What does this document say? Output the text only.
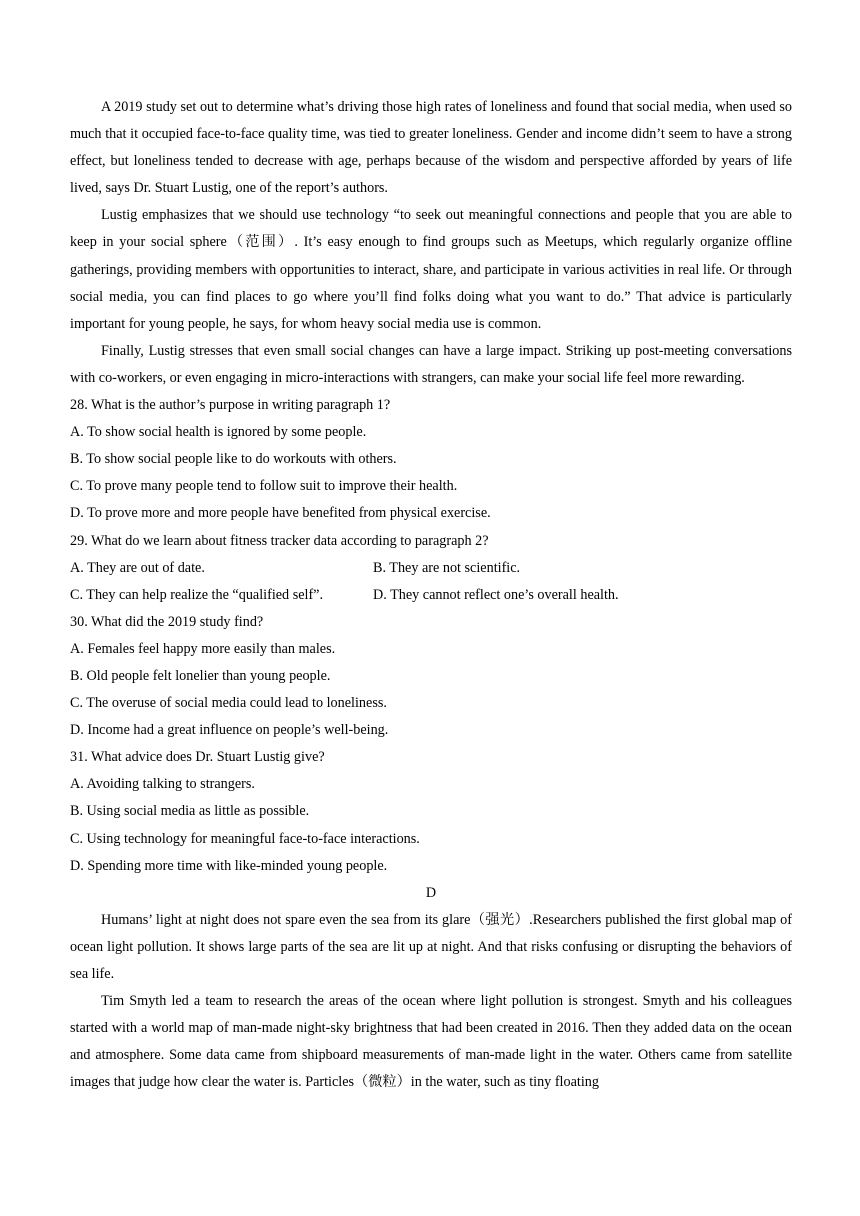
A 2019 study set out to determine what’s driving those high rates of loneliness and found that social media, when used so much that it occupied face-to-face quality time, was tied to greater loneliness. Gender and income didn’t seem to have a strong effect, but loneliness tended to decrease with age, perhaps because of the wisdom and perspective afforded by years of life lived, says Dr. Stuart Lustig, one of the report’s authors.

Lustig emphasizes that we should use technology “to seek out meaningful connections and people that you are able to keep in your social sphere（范围）. It’s easy enough to find groups such as Meetups, which regularly organize offline gatherings, providing members with opportunities to interact, share, and participate in various activities in real life. Or through social media, you can find places to go where you’ll find folks doing what you want to do.” That advice is particularly important for young people, he says, for whom heavy social media use is common.

Finally, Lustig stresses that even small social changes can have a large impact. Striking up post-meeting conversations with co-workers, or even engaging in micro-interactions with strangers, can make your social life feel more rewarding.

28. What is the author’s purpose in writing paragraph 1?

A. To show social health is ignored by some people.

B. To show social people like to do workouts with others.

C. To prove many people tend to follow suit to improve their health.

D. To prove more and more people have benefited from physical exercise.

29. What do we learn about fitness tracker data according to paragraph 2?

A. They are out of date.	B. They are not scientific.
C. They can help realize the “qualified self”.	D. They cannot reflect one’s overall health.

30. What did the 2019 study find?

A. Females feel happy more easily than males.

B. Old people felt lonelier than young people.

C. The overuse of social media could lead to loneliness.

D. Income had a great influence on people’s well-being.

31. What advice does Dr. Stuart Lustig give?

A. Avoiding talking to strangers.

B. Using social media as little as possible.

C. Using technology for meaningful face-to-face interactions.

D. Spending more time with like-minded young people.

D

Humans’ light at night does not spare even the sea from its glare（强光）.Researchers published the first global map of ocean light pollution. It shows large parts of the sea are lit up at night. And that risks confusing or disrupting the behaviors of sea life.

Tim Smyth led a team to research the areas of the ocean where light pollution is strongest. Smyth and his colleagues started with a world map of man-made night-sky brightness that had been created in 2016. Then they added data on the ocean and atmosphere. Some data came from shipboard measurements of man-made light in the water. Others came from satellite images that judge how clear the water is. Particles（微粒）in the water, such as tiny floating
